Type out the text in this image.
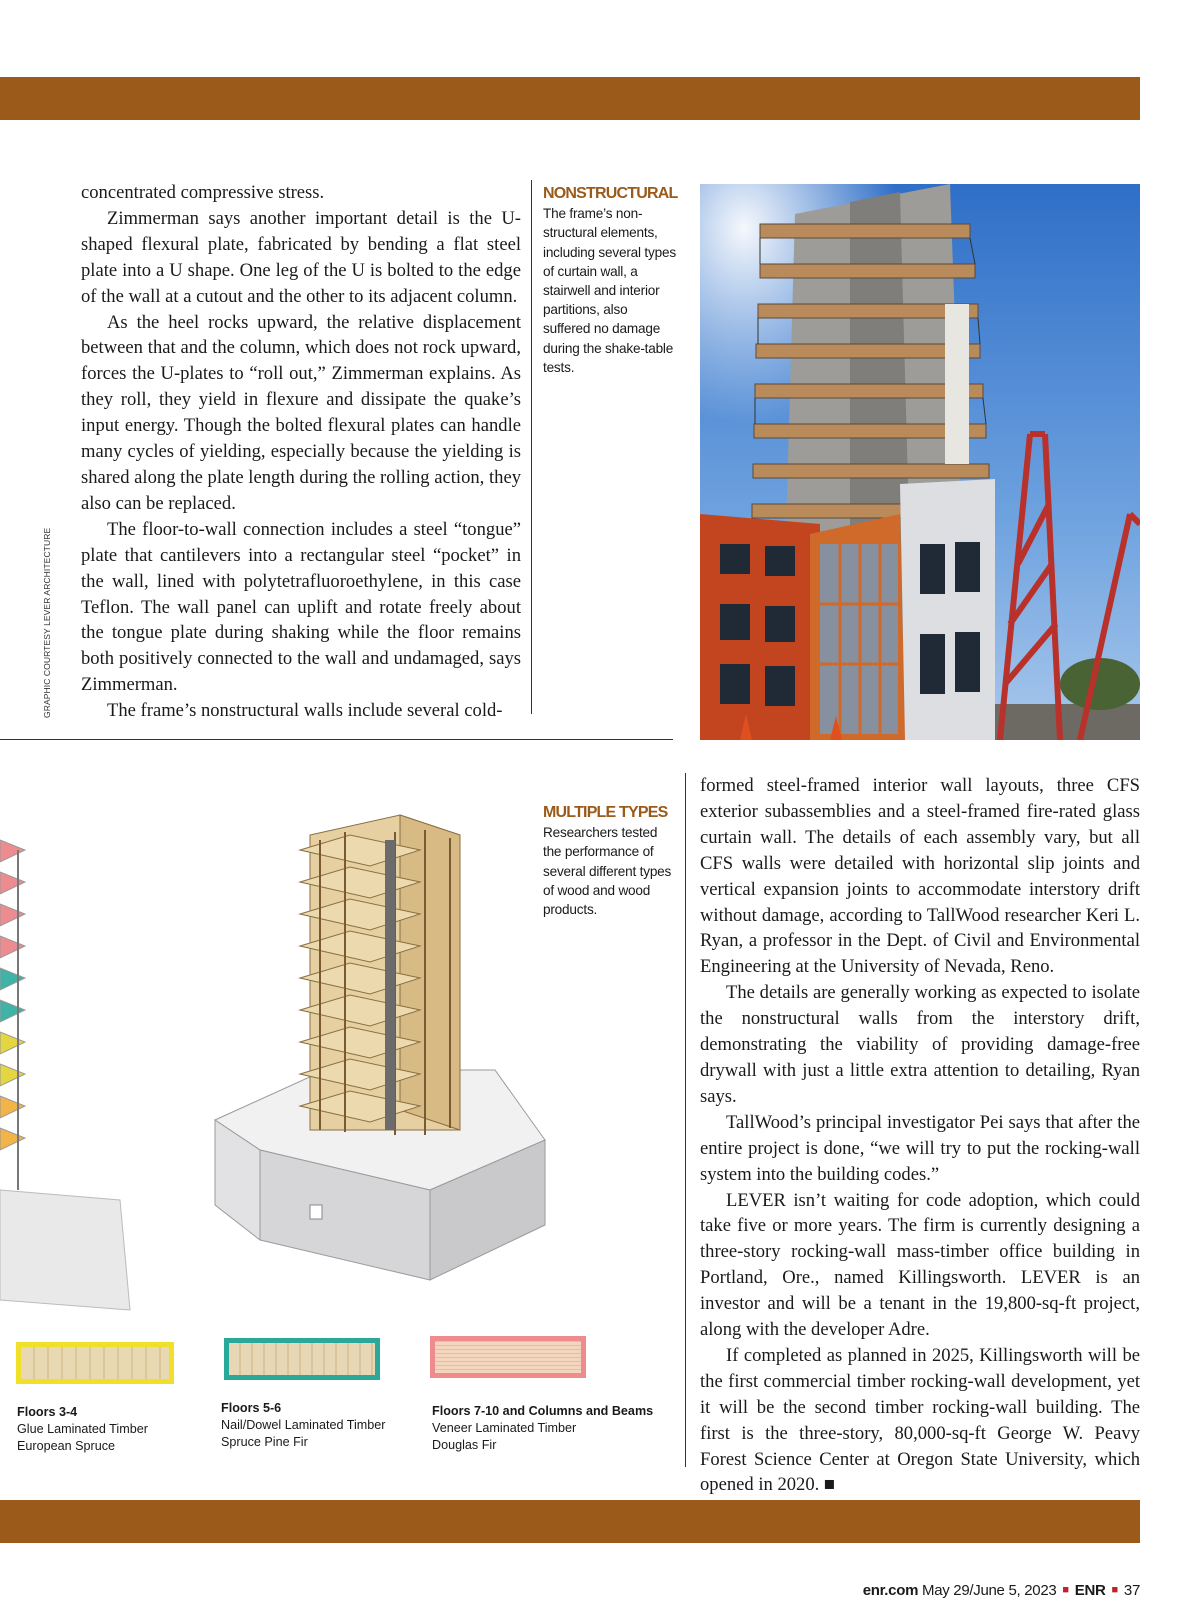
concentrated compressive stress.

Zimmerman says another important detail is the U-shaped flexural plate, fabricated by bending a flat steel plate into a U shape. One leg of the U is bolted to the edge of the wall at a cutout and the other to its adjacent column.

As the heel rocks upward, the relative displacement between that and the column, which does not rock upward, forces the U-plates to “roll out,” Zimmerman explains. As they roll, they yield in flexure and dissipate the quake’s input energy. Though the bolted flexural plates can handle many cycles of yielding, especially because the yielding is shared along the plate length during the rolling action, they also can be replaced.

The floor-to-wall connection includes a steel “tongue” plate that cantilevers into a rectangular steel “pocket” in the wall, lined with polytetrafluoroethylene, in this case Teflon. The wall panel can uplift and rotate freely about the tongue plate during shaking while the floor remains both positively connected to the wall and undamaged, says Zimmerman.

The frame’s nonstructural walls include several cold-

GRAPHIC COURTESY LEVER ARCHITECTURE
NONSTRUCTURAL
The frame’s non-structural elements, including several types of curtain wall, a stairwell and interior partitions, also suffered no damage during the shake-table tests.
MULTIPLE TYPES
Researchers tested the performance of several different types of wood and wood products.
Floors 3-4
Glue Laminated Timber
European Spruce
Floors 5-6
Nail/Dowel Laminated Timber
Spruce Pine Fir
Floors 7-10 and Columns and Beams
Veneer Laminated Timber
Douglas Fir

formed steel-framed interior wall layouts, three CFS exterior subassemblies and a steel-framed fire-rated glass curtain wall. The details of each assembly vary, but all CFS walls were detailed with horizontal slip joints and vertical expansion joints to accommodate interstory drift without damage, according to TallWood researcher Keri L. Ryan, a professor in the Dept. of Civil and Environmental Engineering at the University of Nevada, Reno.

The details are generally working as expected to isolate the nonstructural walls from the interstory drift, demonstrating the viability of providing damage-free drywall with just a little extra attention to detailing, Ryan says.

TallWood’s principal investigator Pei says that after the entire project is done, “we will try to put the rocking-wall system into the building codes.”

LEVER isn’t waiting for code adoption, which could take five or more years. The firm is currently designing a three-story rocking-wall mass-timber office building in Portland, Ore., named Killingsworth. LEVER is an investor and will be a tenant in the 19,800-sq-ft project, along with the developer Adre.

If completed as planned in 2025, Killingsworth will be the first commercial timber rocking-wall development, yet it will be the second timber rocking-wall building. The first is the three-story, 80,000-sq-ft George W. Peavy Forest Science Center at Oregon State University, which opened in 2020. ■

enr.com May 29/June 5, 2023 ■ ENR ■ 37
